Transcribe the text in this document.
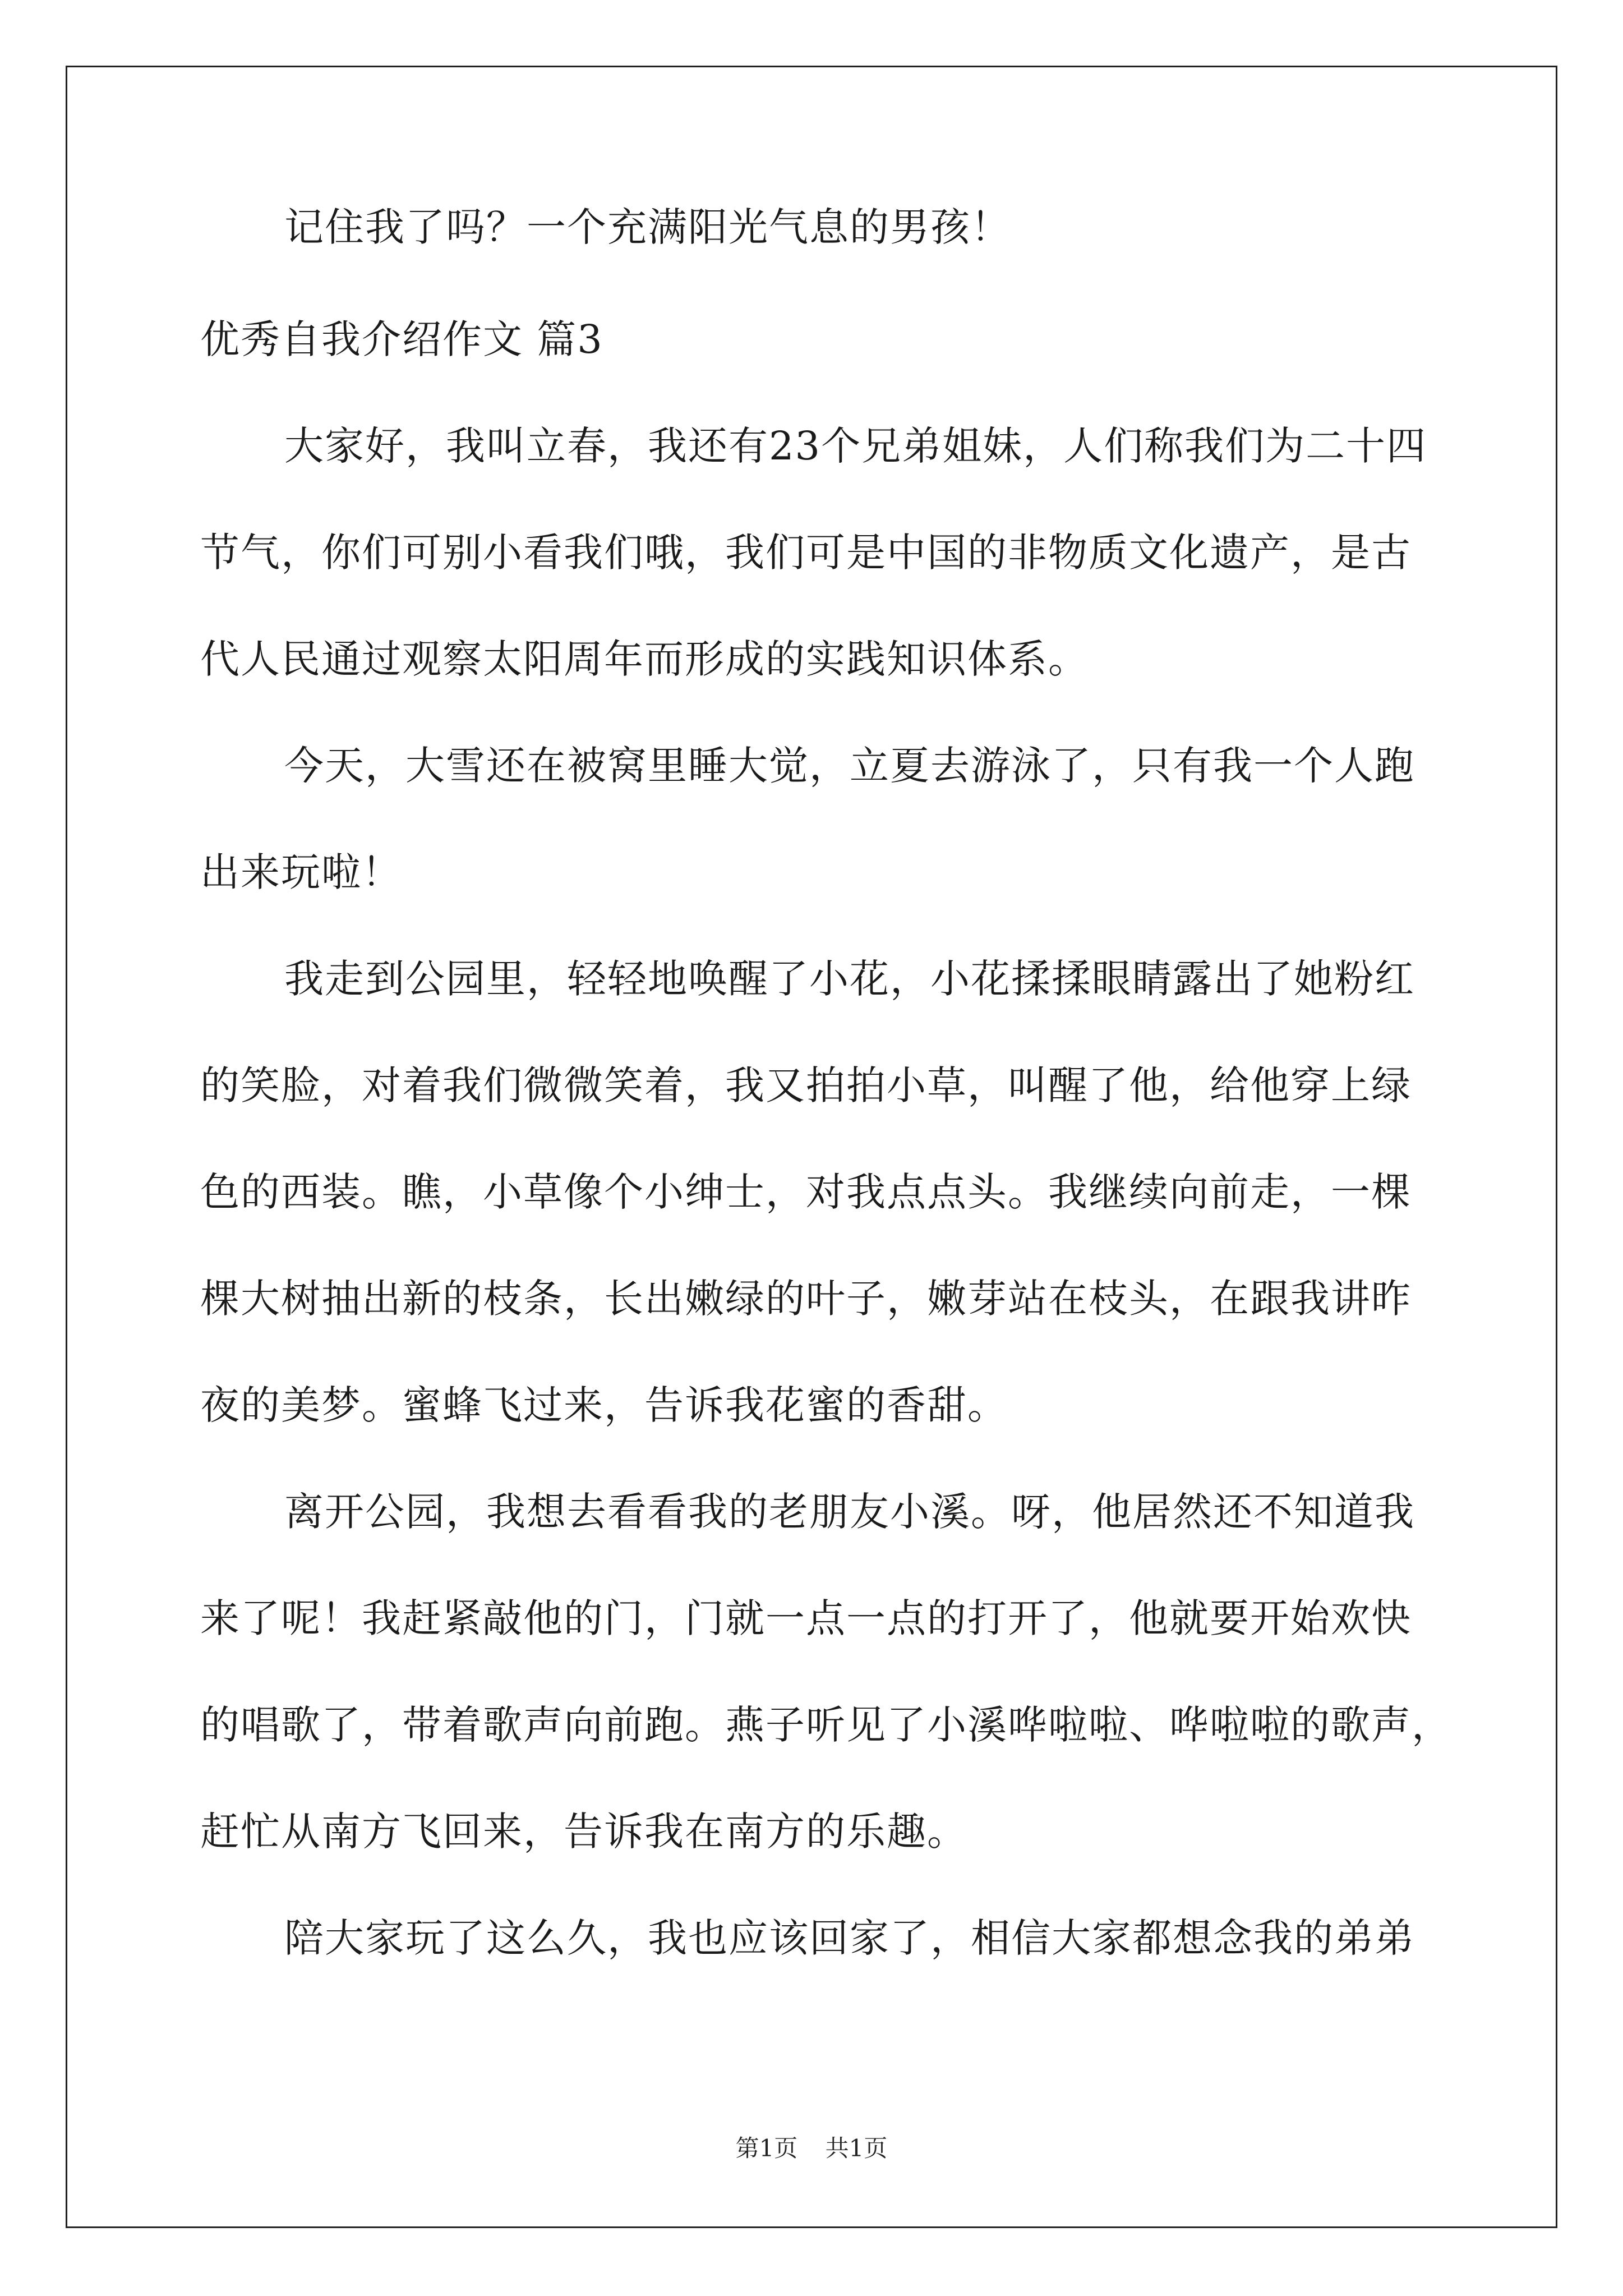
记住我了吗？一个充满阳光气息的男孩！

优秀自我介绍作文 篇3

大家好，我叫立春，我还有23个兄弟姐妹，人们称我们为二十四

节气，你们可别小看我们哦，我们可是中国的非物质文化遗产，是古

代人民通过观察太阳周年而形成的实践知识体系。

今天，大雪还在被窝里睡大觉，立夏去游泳了，只有我一个人跑

出来玩啦！

我走到公园里，轻轻地唤醒了小花，小花揉揉眼睛露出了她粉红

的笑脸，对着我们微微笑着，我又拍拍小草，叫醒了他，给他穿上绿

色的西装。瞧，小草像个小绅士，对我点点头。我继续向前走，一棵

棵大树抽出新的枝条，长出嫩绿的叶子，嫩芽站在枝头，在跟我讲昨

夜的美梦。蜜蜂飞过来，告诉我花蜜的香甜。

离开公园，我想去看看我的老朋友小溪。呀，他居然还不知道我

来了呢！我赶紧敲他的门，门就一点一点的打开了，他就要开始欢快

的唱歌了，带着歌声向前跑。燕子听见了小溪哗啦啦、哗啦啦的歌声，

赶忙从南方飞回来，告诉我在南方的乐趣。

陪大家玩了这么久，我也应该回家了，相信大家都想念我的弟弟

第1页 共1页
